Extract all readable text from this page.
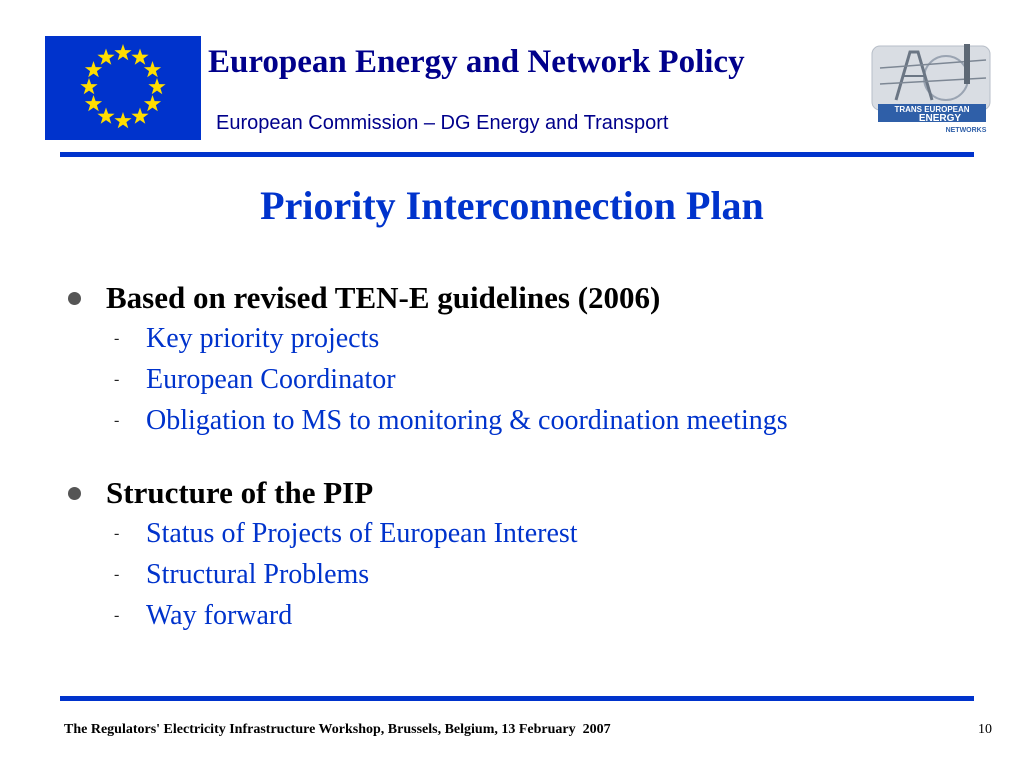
European Energy and Network Policy
European Commission – DG Energy and Transport
TRANS EUROPEAN
ENERGY
NETWORKS
Priority Interconnection Plan
Based on revised TEN-E guidelines (2006)
- Key priority projects
- European Coordinator
- Obligation to MS to monitoring & coordination meetings
Structure of the PIP
- Status of Projects of European Interest
- Structural Problems
- Way forward
The Regulators' Electricity Infrastructure Workshop, Brussels, Belgium, 13 February  2007	10
